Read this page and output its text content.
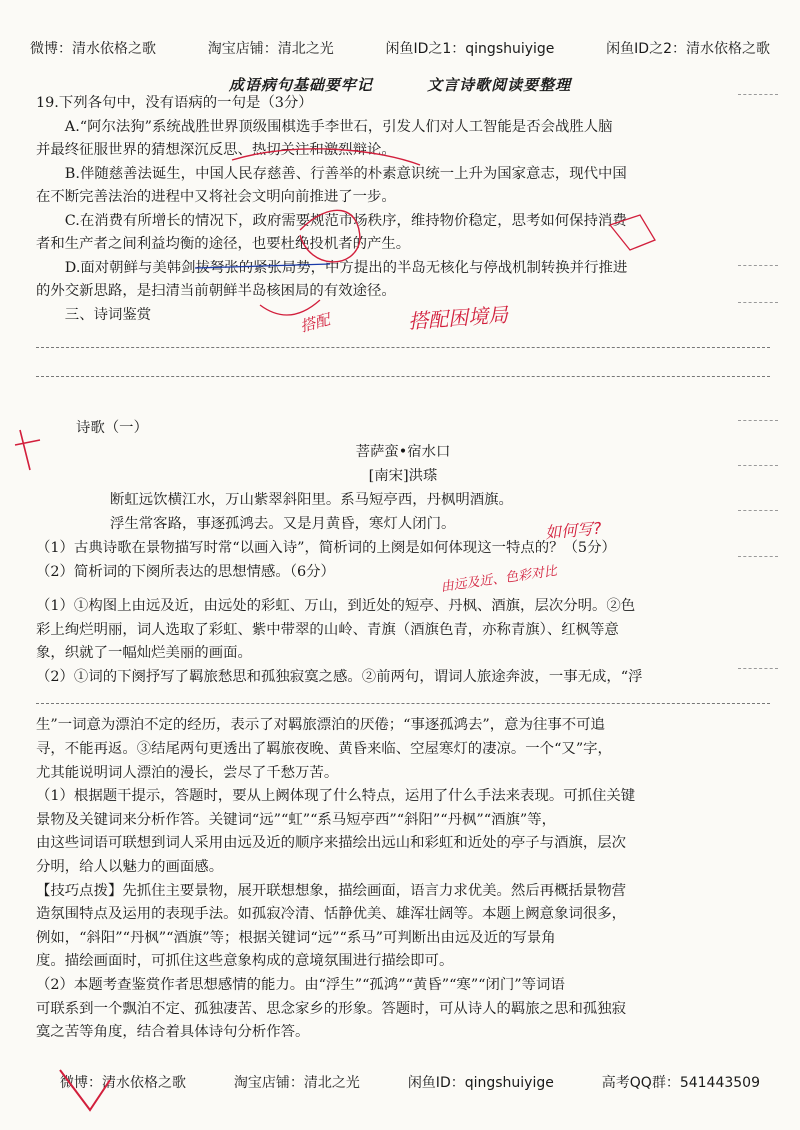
微博：清水依格之歌	淘宝店铺：清北之光	闲鱼ID之1：qingshuiyige	闲鱼ID之2：清水依格之歌
成语病句基础要牢记	文言诗歌阅读要整理

19.下列各句中，没有语病的一句是（3分）

A.“阿尔法狗”系统战胜世界顶级围棋选手李世石，引发人们对人工智能是否会战胜人脑

并最终征服世界的猜想深沉反思、热切关注和激烈辩论。

B.伴随慈善法诞生，中国人民存慈善、行善举的朴素意识统一上升为国家意志，现代中国

在不断完善法治的进程中又将社会文明向前推进了一步。

C.在消费有所增长的情况下，政府需要规范市场秩序，维持物价稳定，思考如何保持消费

者和生产者之间利益均衡的途径，也要杜绝投机者的产生。

D.面对朝鲜与美韩剑拔弩张的紧张局势，中方提出的半岛无核化与停战机制转换并行推进

的外交新思路，是扫清当前朝鲜半岛核困局的有效途径。

三、诗词鉴赏

诗歌（一）

菩萨蛮•宿水口

[南宋]洪瑹

断虹远饮横江水，万山紫翠斜阳里。系马短亭西，丹枫明酒旗。

浮生常客路，事逐孤鸿去。又是月黄昏，寒灯人闭门。

（1）古典诗歌在景物描写时常“以画入诗”，简析词的上阕是如何体现这一特点的？（5分）

（2）简析词的下阕所表达的思想情感。（6分）

（1）①构图上由远及近，由远处的彩虹、万山，到近处的短亭、丹枫、酒旗，层次分明。②色

彩上绚烂明丽，词人选取了彩虹、紫中带翠的山岭、青旗（酒旗色青，亦称青旗）、红枫等意

象，织就了一幅灿烂美丽的画面。

（2）①词的下阕抒写了羁旅愁思和孤独寂寞之感。②前两句，谓词人旅途奔波，一事无成，“浮

生”一词意为漂泊不定的经历，表示了对羁旅漂泊的厌倦；“事逐孤鸿去”，意为往事不可追

寻，不能再返。③结尾两句更透出了羁旅夜晚、黄昏来临、空屋寒灯的凄凉。一个“又”字，

尤其能说明词人漂泊的漫长，尝尽了千愁万苦。

（1）根据题干提示，答题时，要从上阙体现了什么特点，运用了什么手法来表现。可抓住关键

景物及关键词来分析作答。关键词“远”“虹”“系马短亭西”“斜阳”“丹枫”“酒旗”等，

由这些词语可联想到词人采用由远及近的顺序来描绘出远山和彩虹和近处的亭子与酒旗，层次

分明，给人以魅力的画面感。

【技巧点拨】先抓住主要景物，展开联想想象，描绘画面，语言力求优美。然后再概括景物营

造氛围特点及运用的表现手法。如孤寂冷清、恬静优美、雄浑壮阔等。本题上阙意象词很多，

例如，“斜阳”“丹枫”“酒旗”等；根据关键词“远”“系马”可判断出由远及近的写景角

度。描绘画面时，可抓住这些意象构成的意境氛围进行描绘即可。

（2）本题考查鉴赏作者思想感情的能力。由“浮生”“孤鸿”“黄昏”“寒”“闭门”等词语

可联系到一个飘泊不定、孤独凄苦、思念家乡的形象。答题时，可从诗人的羁旅之思和孤独寂

寞之苦等角度，结合着具体诗句分析作答。

微博：清水依格之歌	淘宝店铺：清北之光	闲鱼ID：qingshuiyige	高考QQ群：541443509
搭配	搭配困境局
如何写?
由远及近、色彩对比
